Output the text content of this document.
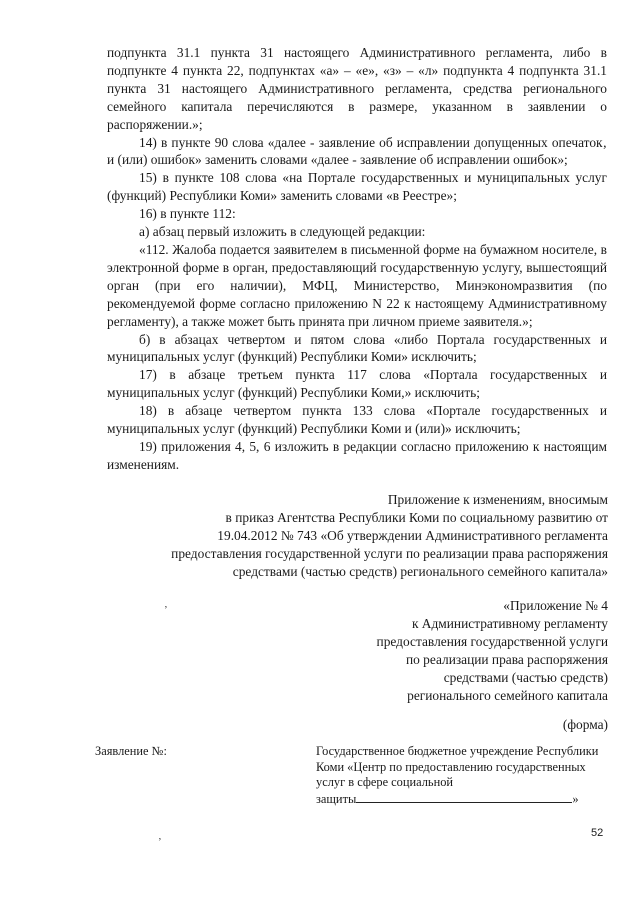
подпункта 31.1 пункта 31 настоящего Административного регламента, либо в подпункте 4 пункта 22, подпунктах «а» – «е», «з» – «л» подпункта 4 подпункта 31.1 пункта 31 настоящего Административного регламента, средства регионального семейного капитала перечисляются в размере, указанном в заявлении о распоряжении.»;

14) в пункте 90 слова «далее - заявление об исправлении допущенных опечаток‚ и (или) ошибок» заменить словами «далее - заявление об исправлении ошибок»;

15) в пункте 108 слова «на Портале государственных и муниципальных услуг (функций) Республики Коми» заменить словами «в Реестре»;

16) в пункте 112:

а) абзац первый изложить в следующей редакции:

«112. Жалоба подается заявителем в письменной форме на бумажном носителе, в электронной форме в орган, предоставляющий государственную услугу, вышестоящий орган (при его наличии), МФЦ, Министерство, Минэкономразвития (по рекомендуемой форме согласно приложению N 22 к настоящему Административному регламенту), а также может быть принята при личном приеме заявителя.»;

б) в абзацах четвертом и пятом слова «либо Портала государственных и муниципальных услуг (функций) Республики Коми» исключить;

17) в абзаце третьем пункта 117 слова «Портала государственных и муниципальных услуг (функций) Республики Коми,» исключить;

18) в абзаце четвертом пункта 133 слова «Портале государственных и муниципальных услуг (функций) Республики Коми и (или)» исключить;

19) приложения 4, 5, 6 изложить в редакции согласно приложению к настоящим изменениям.

Приложение к изменениям, вносимым
в приказ Агентства Республики Коми по социальному развитию от
19.04.2012 № 743 «Об утверждении Административного регламента
предоставления государственной услуги по реализации права распоряжения
средствами (частью средств) регионального семейного капитала»
«Приложение № 4
к Административному регламенту
предоставления государственной услуги
по реализации права распоряжения
средствами (частью средств)
регионального семейного капитала
(форма)
Заявление №:	Государственное бюджетное учреждение Республики
Коми «Центр по предоставлению государственных
услуг в сфере социальной
защиты	»
’
‚	52
